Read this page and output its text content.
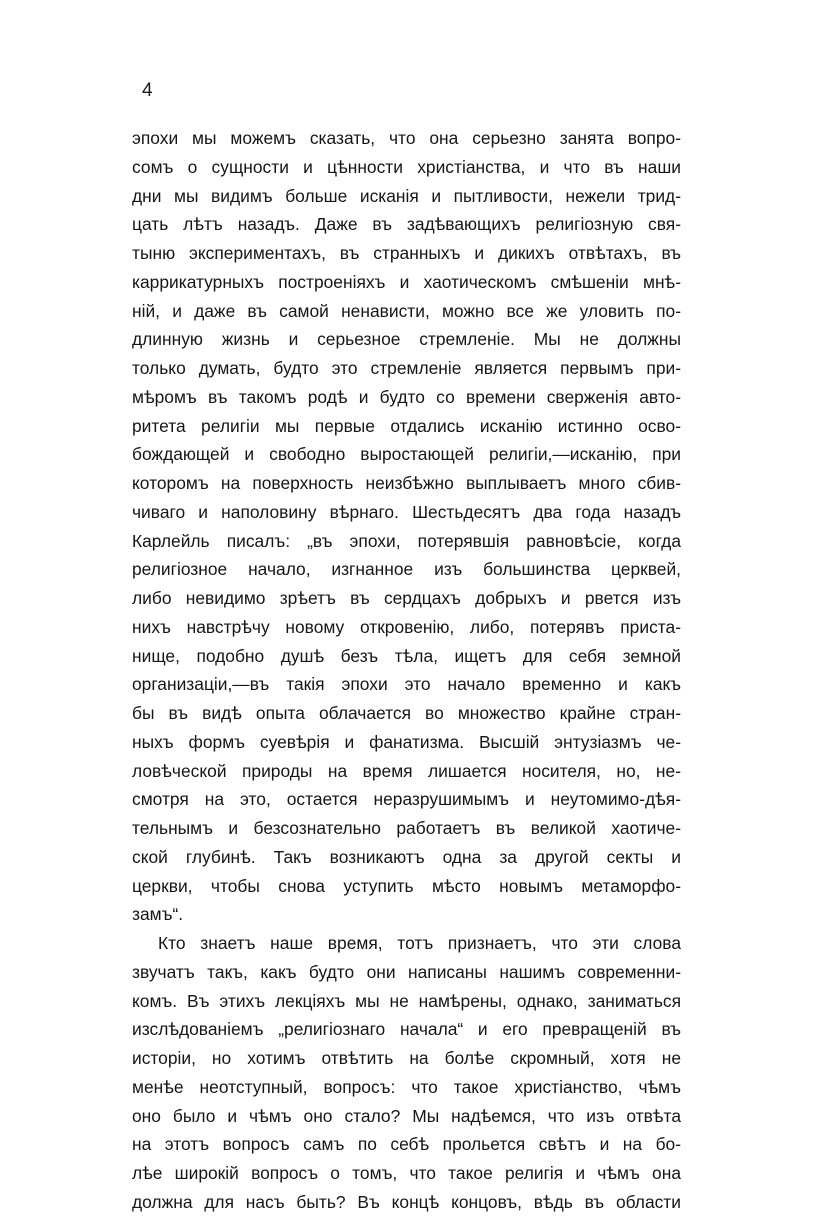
4
эпохи мы можемъ сказать, что она серьезно занята вопро-
сомъ о сущности и цѣнности христіанства, и что въ наши
дни мы видимъ больше исканія и пытливости, нежели трид-
цать лѣтъ назадъ. Даже въ задѣвающихъ религіозную свя-
тыню экспериментахъ, въ странныхъ и дикихъ отвѣтахъ, въ
каррикатурныхъ построеніяхъ и хаотическомъ смѣшеніи мнѣ-
ній, и даже въ самой ненависти, можно все же уловить по-
длинную жизнь и серьезное стремленіе. Мы не должны
только думать, будто это стремленіе является первымъ при-
мѣромъ въ такомъ родѣ и будто со времени сверженія авто-
ритета религіи мы первые отдались исканію истинно осво-
бождающей и свободно выростающей религіи,—исканію, при
которомъ на поверхность неизбѣжно выплываетъ много сбив-
чиваго и наполовину вѣрнаго. Шестьдесятъ два года назадъ
Карлейль писалъ: „въ эпохи, потерявшія равновѣсіе, когда
религіозное начало, изгнанное изъ большинства церквей,
либо невидимо зрѣетъ въ сердцахъ добрыхъ и рвется изъ
нихъ навстрѣчу новому откровенію, либо, потерявъ приста-
нище, подобно душѣ безъ тѣла, ищетъ для себя земной
организаціи,—въ такія эпохи это начало временно и какъ
бы въ видѣ опыта облачается во множество крайне стран-
ныхъ формъ суевѣрія и фанатизма. Высшій энтузіазмъ че-
ловѣческой природы на время лишается носителя, но, не-
смотря на это, остается неразрушимымъ и неутомимо-дѣя-
тельнымъ и безсознательно работаетъ въ великой хаотиче-
ской глубинѣ. Такъ возникаютъ одна за другой секты и
церкви, чтобы снова уступить мѣсто новымъ метаморфо-
замъ“.
Кто знаетъ наше время, тотъ признаетъ, что эти слова
звучатъ такъ, какъ будто они написаны нашимъ современни-
комъ. Въ этихъ лекціяхъ мы не намѣрены, однако, заниматься
изслѣдованіемъ „религіознаго начала“ и его превращеній въ
исторіи, но хотимъ отвѣтить на болѣе скромный, хотя не
менѣе неотступный, вопросъ: что такое христіанство, чѣмъ
оно было и чѣмъ оно стало? Мы надѣемся, что изъ отвѣта
на этотъ вопросъ самъ по себѣ прольется свѣтъ и на бо-
лѣе широкій вопросъ о томъ, что такое религія и чѣмъ она
должна для насъ быть? Въ концѣ концовъ, вѣдь въ области
